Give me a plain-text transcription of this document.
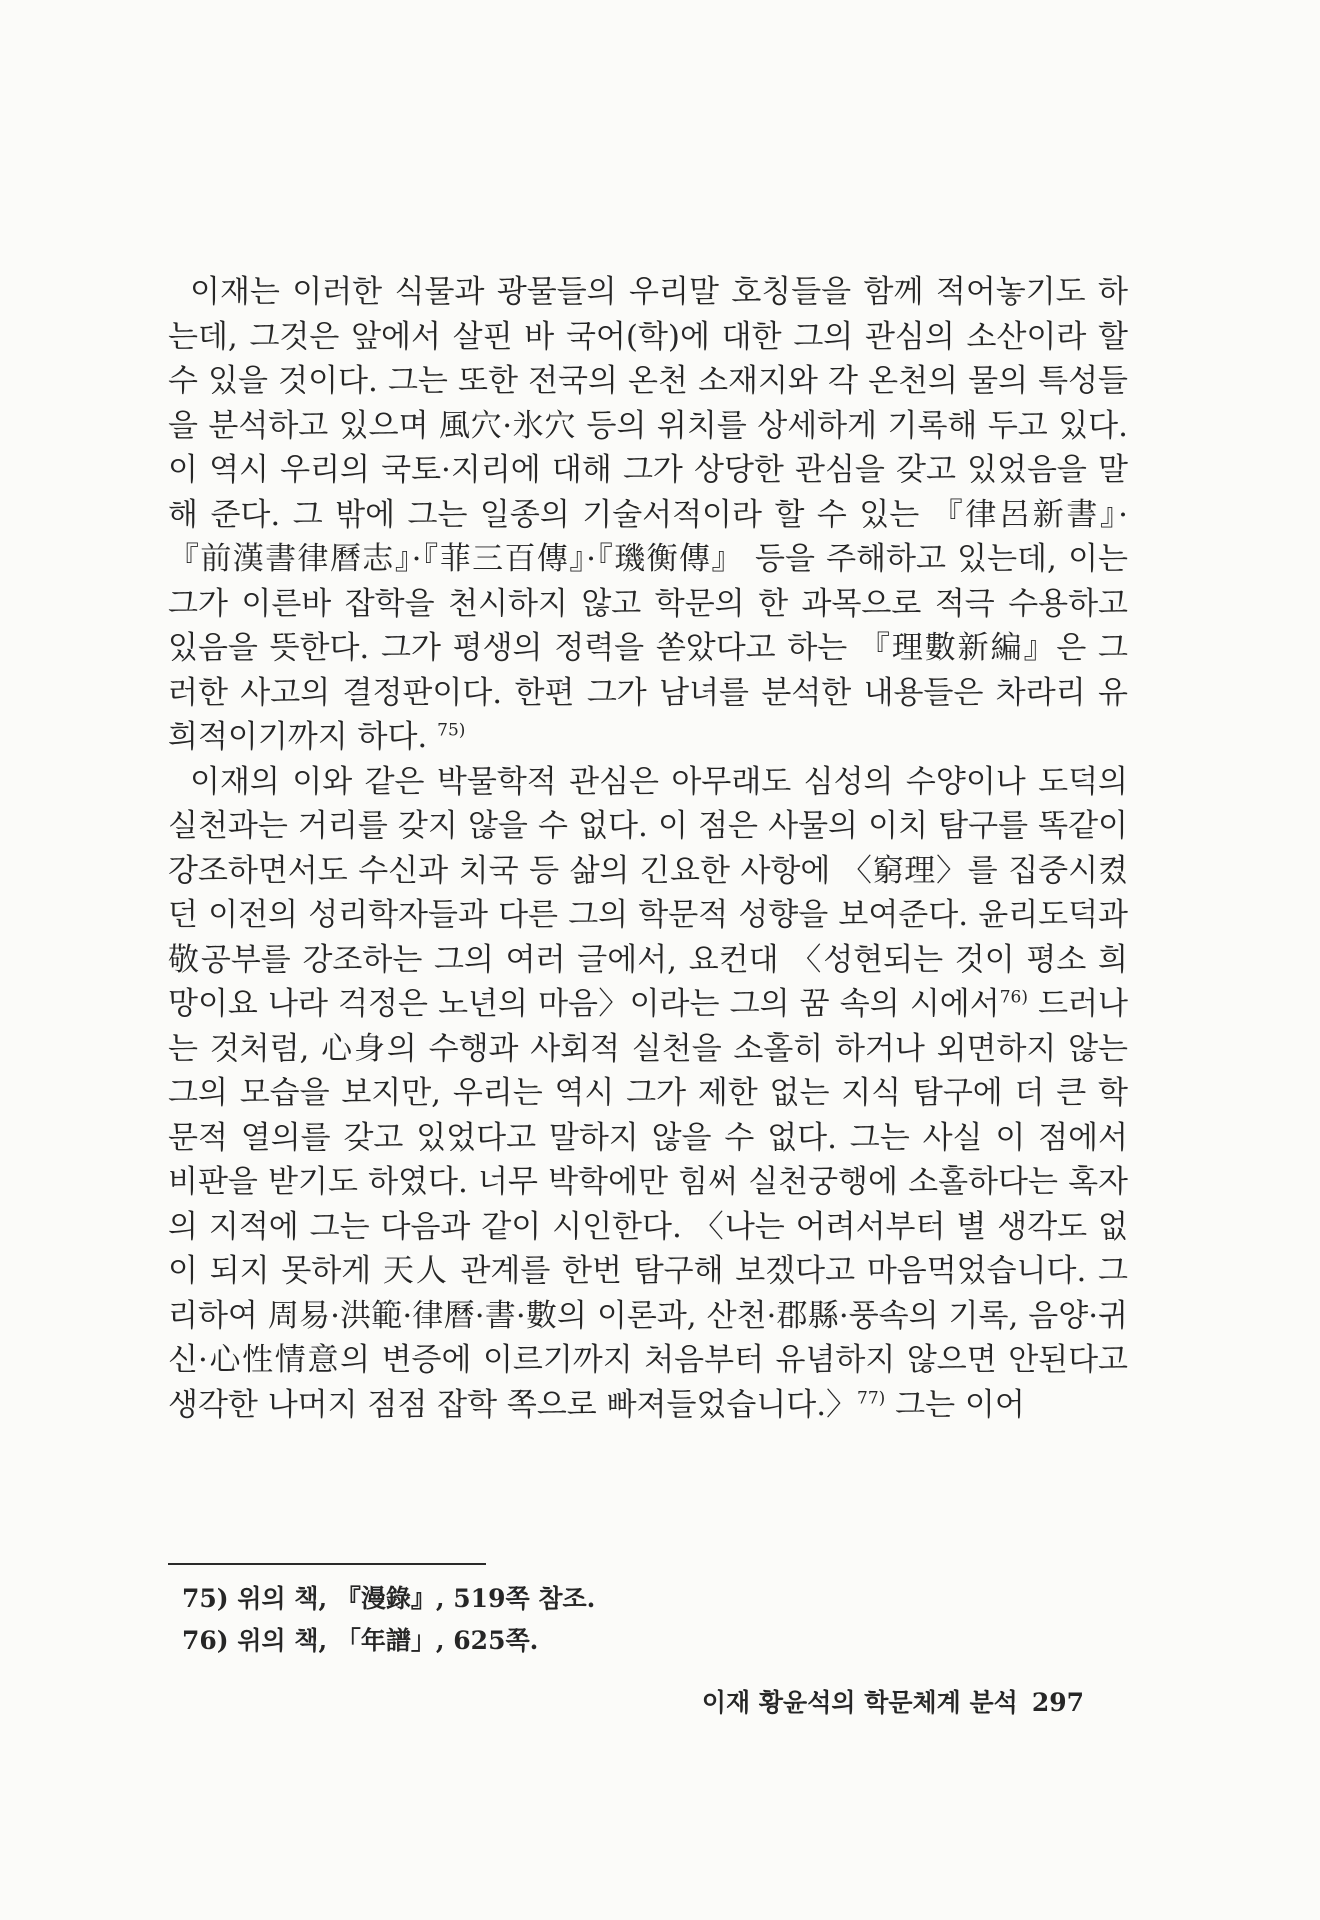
이재는 이러한 식물과 광물들의 우리말 호칭들을 함께 적어놓기도 하는데, 그것은 앞에서 살핀 바 국어(학)에 대한 그의 관심의 소산이라 할 수 있을 것이다. 그는 또한 전국의 온천 소재지와 각 온천의 물의 특성들을 분석하고 있으며 風穴·氷穴 등의 위치를 상세하게 기록해 두고 있다. 이 역시 우리의 국토·지리에 대해 그가 상당한 관심을 갖고 있었음을 말해 준다. 그 밖에 그는 일종의 기술서적이라 할 수 있는 『律呂新書』·『前漢書律曆志』·『菲三百傳』·『璣衡傳』 등을 주해하고 있는데, 이는 그가 이른바 잡학을 천시하지 않고 학문의 한 과목으로 적극 수용하고 있음을 뜻한다. 그가 평생의 정력을 쏟았다고 하는 『理數新編』은 그러한 사고의 결정판이다. 한편 그가 남녀를 분석한 내용들은 차라리 유희적이기까지 하다. $^{75)}$

이재의 이와 같은 박물학적 관심은 아무래도 심성의 수양이나 도덕의 실천과는 거리를 갖지 않을 수 없다. 이 점은 사물의 이치 탐구를 똑같이 강조하면서도 수신과 치국 등 삶의 긴요한 사항에 〈窮理〉를 집중시켰던 이전의 성리학자들과 다른 그의 학문적 성향을 보여준다. 윤리도덕과 敬공부를 강조하는 그의 여러 글에서, 요컨대 〈성현되는 것이 평소 희망이요 나라 걱정은 노년의 마음〉이라는 그의 꿈 속의 시에서$^{76)}$ 드러나는 것처럼, 心身의 수행과 사회적 실천을 소홀히 하거나 외면하지 않는 그의 모습을 보지만, 우리는 역시 그가 제한 없는 지식 탐구에 더 큰 학문적 열의를 갖고 있었다고 말하지 않을 수 없다. 그는 사실 이 점에서 비판을 받기도 하였다. 너무 박학에만 힘써 실천궁행에 소홀하다는 혹자의 지적에 그는 다음과 같이 시인한다. 〈나는 어려서부터 별 생각도 없이 되지 못하게 天人 관계를 한번 탐구해 보겠다고 마음먹었습니다. 그리하여 周易·洪範·律曆·書·數의 이론과, 산천·郡縣·풍속의 기록, 음양·귀신·心性情意의 변증에 이르기까지 처음부터 유념하지 않으면 안된다고 생각한 나머지 점점 잡학 쪽으로 빠져들었습니다.〉$^{77)}$ 그는 이어

75) 위의 책, 『漫錄』, 519쪽 참조.

76) 위의 책, 「年譜」, 625쪽.

이재 황윤석의 학문체계 분석 297
